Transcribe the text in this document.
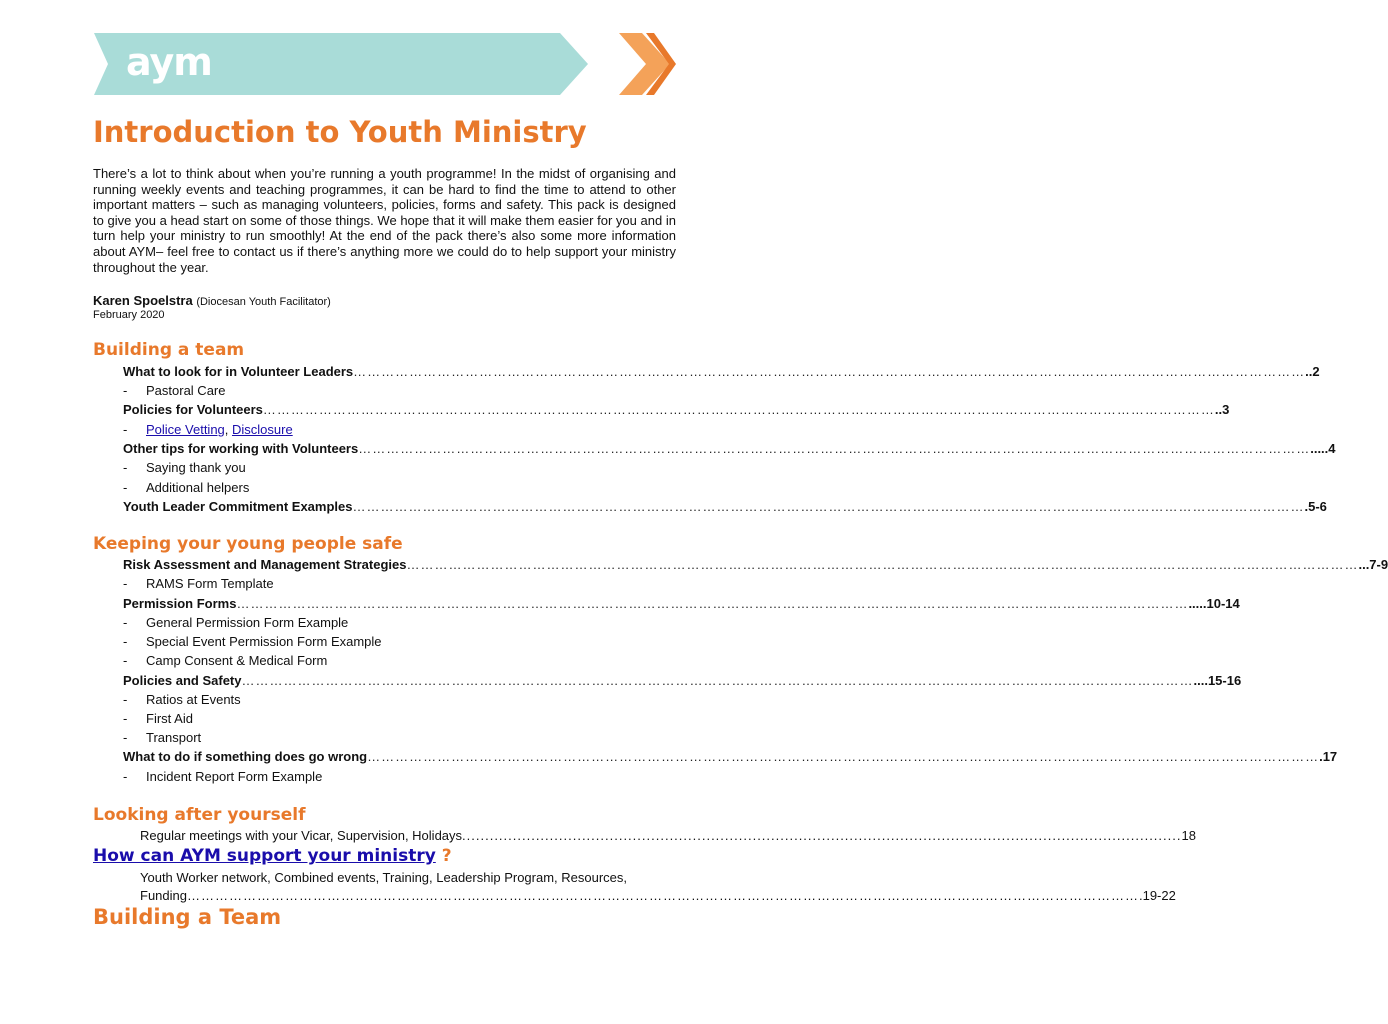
aym
Introduction to Youth Ministry

There’s a lot to think about when you’re running a youth programme! In the midst of organising and running weekly events and teaching programmes, it can be hard to find the time to attend to other important matters – such as managing volunteers, policies, forms and safety. This pack is designed to give you a head start on some of those things. We hope that it will make them easier for you and in turn help your ministry to run smoothly! At the end of the pack there’s also some more information about AYM– feel free to contact us if there’s anything more we could do to help support your ministry throughout the year.

Karen Spoelstra (Diocesan Youth Facilitator)
February 2020
Building a team
What to look for in Volunteer Leaders …………………………………………………………………………………………………………………………………………………………………………………… ..2
- Pastoral Care
Policies for Volunteers …………………………………………………………………………………………………………………………………………………………………………………… ..3
- Police Vetting, Disclosure
Other tips for working with Volunteers …………………………………………………………………………………………………………………………………………………………………………………… .....4
- Saying thank you
- Additional helpers
Youth Leader Commitment Examples …………………………………………………………………………………………………………………………………………………………………………………… .5-6
Keeping your young people safe
Risk Assessment and Management Strategies …………………………………………………………………………………………………………………………………………………………………………………… ...7-9
- RAMS Form Template
Permission Forms …………………………………………………………………………………………………………………………………………………………………………………… .....10-14
- General Permission Form Example
- Special Event Permission Form Example
- Camp Consent & Medical Form
Policies and Safety …………………………………………………………………………………………………………………………………………………………………………………… ....15-16
- Ratios at Events
- First Aid
- Transport
What to do if something does go wrong …………………………………………………………………………………………………………………………………………………………………………………… .17
- Incident Report Form Example
Looking after yourself
Regular meetings with your Vicar, Supervision, Holidays ............................................................................................................................................................ 18
How can AYM support your ministry ?
Youth Worker network, Combined events, Training, Leadership Program, Resources,
Funding …………………………………………………………………………………………………………………………………………………………………………………… .19-22
Building a Team
